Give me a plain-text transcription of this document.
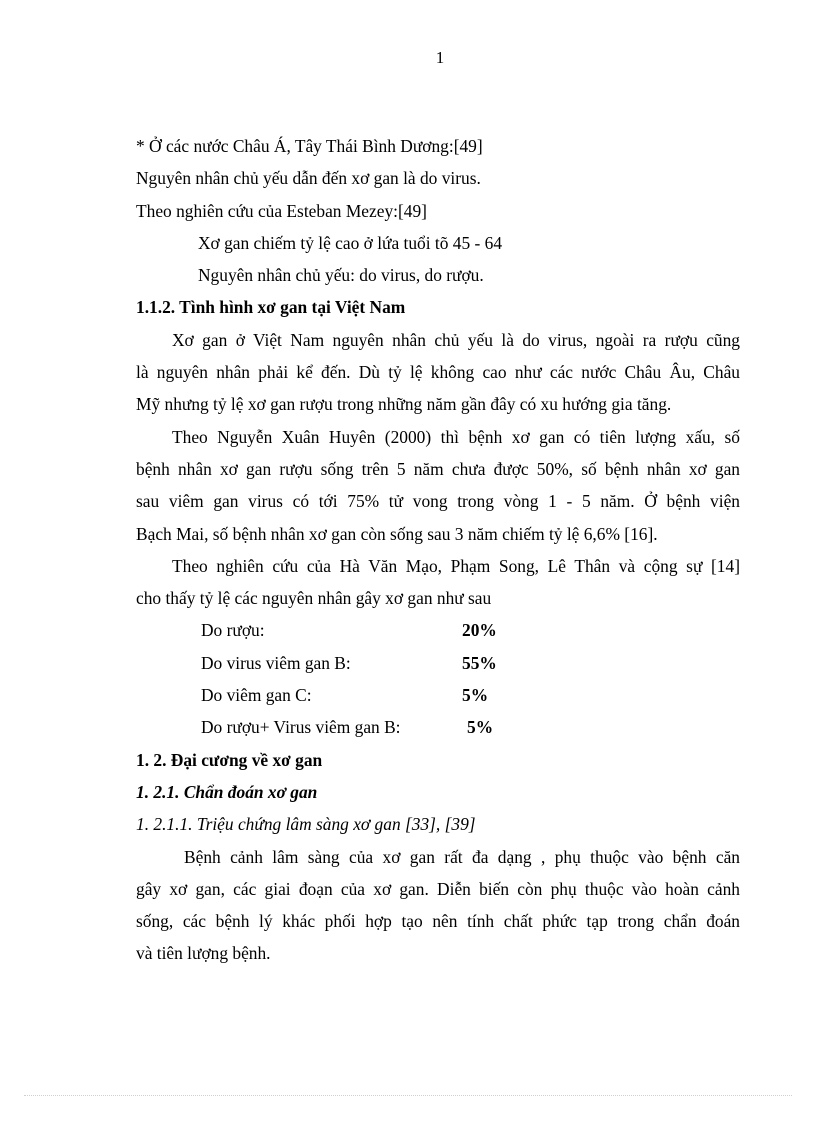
1
* Ở các nước Châu Á, Tây Thái Bình Dương:[49]
Nguyên nhân chủ yếu dẫn đến xơ gan là do virus.
Theo nghiên cứu của Esteban Mezey:[49]
Xơ gan chiếm tỷ lệ cao ở lứa tuổi tõ 45 - 64
Nguyên nhân chủ yếu: do virus, do rượu.
1.1.2. Tình hình xơ gan tại Việt Nam
Xơ gan ở Việt Nam nguyên nhân chủ yếu là do virus, ngoài ra rượu cũng
là nguyên nhân phải kể đến. Dù tỷ lệ không cao như các nước Châu Âu, Châu
Mỹ nhưng tỷ lệ xơ gan rượu trong những năm gần đây có xu hướng gia tăng.
Theo Nguyễn Xuân Huyên (2000) thì bệnh xơ gan có tiên lượng xấu, số
bệnh nhân xơ gan rượu sống trên 5 năm chưa được 50%, số bệnh nhân xơ gan
sau viêm gan virus có tới 75% tử vong trong vòng 1 - 5 năm. Ở bệnh viện
Bạch Mai, số bệnh nhân xơ gan còn sống sau 3 năm chiếm tỷ lệ 6,6% [16].
Theo nghiên cứu của Hà Văn Mạo, Phạm Song, Lê Thân và cộng sự [14]
cho thấy tỷ lệ các nguyên nhân gây xơ gan như sau
Do rượu:	20%
Do virus viêm gan B:	55%
Do viêm gan C:	5%
Do rượu+ Virus viêm gan B:	5%
1. 2. Đại cương về xơ gan
1. 2.1. Chẩn đoán xơ gan
1. 2.1.1. Triệu chứng lâm sàng xơ gan [33], [39]
Bệnh cảnh lâm sàng của xơ gan rất đa dạng , phụ thuộc vào bệnh căn
gây xơ gan, các giai đoạn của xơ gan. Diễn biến còn phụ thuộc vào hoàn cảnh
sống, các bệnh lý khác phối hợp tạo nên tính chất phức tạp trong chẩn đoán
và tiên lượng bệnh.
